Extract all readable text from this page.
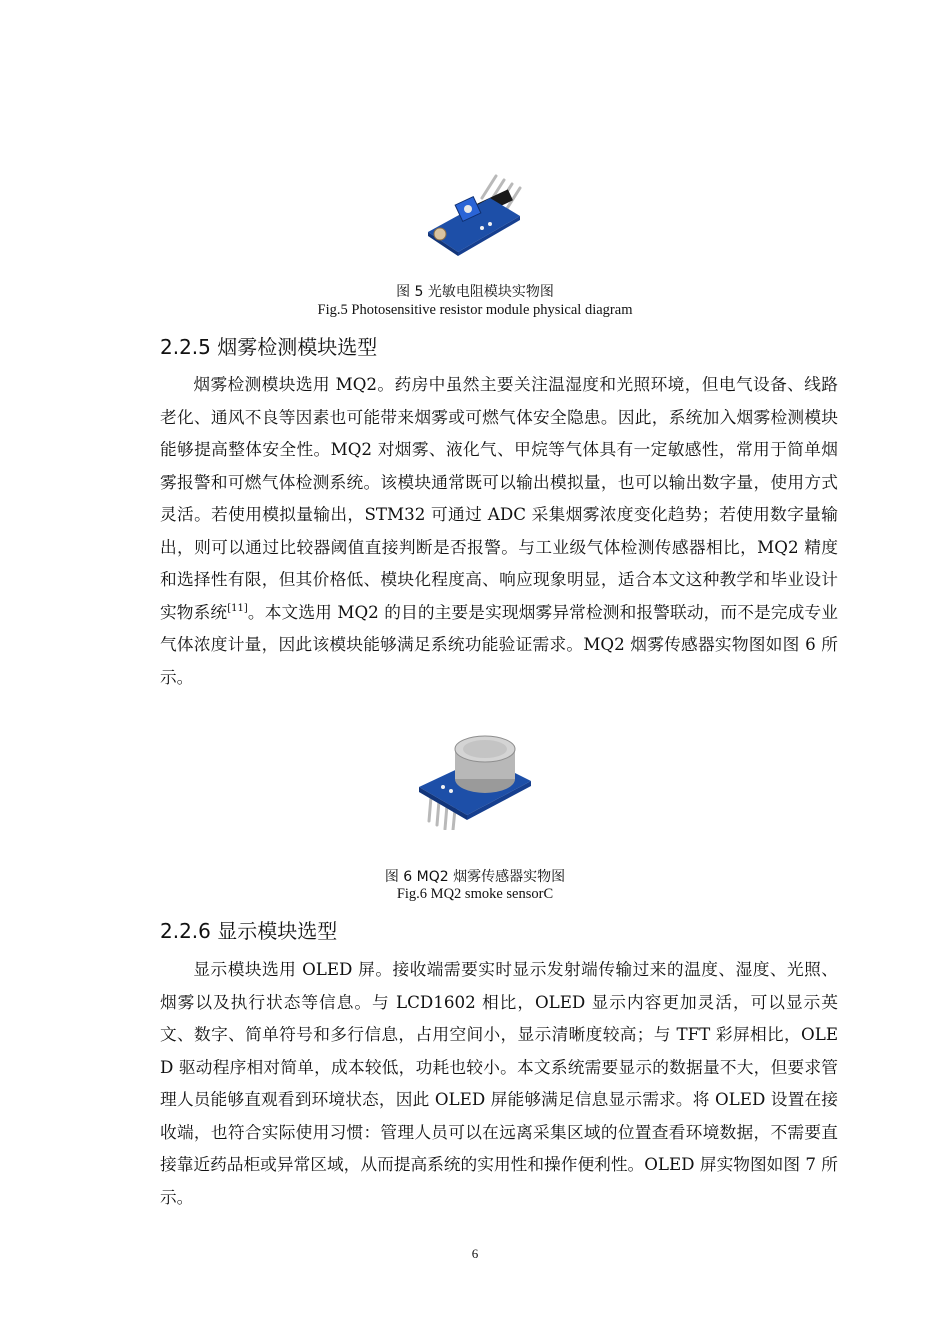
图 5 光敏电阻模块实物图
Fig.5 Photosensitive resistor module physical diagram
2.2.5 烟雾检测模块选型

烟雾检测模块选用 MQ2。药房中虽然主要关注温湿度和光照环境，但电气设备、线路老化、通风不良等因素也可能带来烟雾或可燃气体安全隐患。因此，系统加入烟雾检测模块能够提高整体安全性。MQ2 对烟雾、液化气、甲烷等气体具有一定敏感性，常用于简单烟雾报警和可燃气体检测系统。该模块通常既可以输出模拟量，也可以输出数字量，使用方式灵活。若使用模拟量输出，STM32 可通过 ADC 采集烟雾浓度变化趋势；若使用数字量输出，则可以通过比较器阈值直接判断是否报警。与工业级气体检测传感器相比，MQ2 精度和选择性有限，但其价格低、模块化程度高、响应现象明显，适合本文这种教学和毕业设计实物系统[11]。本文选用 MQ2 的目的主要是实现烟雾异常检测和报警联动，而不是完成专业气体浓度计量，因此该模块能够满足系统功能验证需求。MQ2 烟雾传感器实物图如图 6 所示。

图 6 MQ2 烟雾传感器实物图
Fig.6 MQ2 smoke sensorC
2.2.6 显示模块选型

显示模块选用 OLED 屏。接收端需要实时显示发射端传输过来的温度、湿度、光照、烟雾以及执行状态等信息。与 LCD1602 相比，OLED 显示内容更加灵活，可以显示英文、数字、简单符号和多行信息，占用空间小，显示清晰度较高；与 TFT 彩屏相比，OLED 驱动程序相对简单，成本较低，功耗也较小。本文系统需要显示的数据量不大，但要求管理人员能够直观看到环境状态，因此 OLED 屏能够满足信息显示需求。将 OLED 设置在接收端，也符合实际使用习惯：管理人员可以在远离采集区域的位置查看环境数据，不需要直接靠近药品柜或异常区域，从而提高系统的实用性和操作便利性。OLED 屏实物图如图 7 所示。

6
